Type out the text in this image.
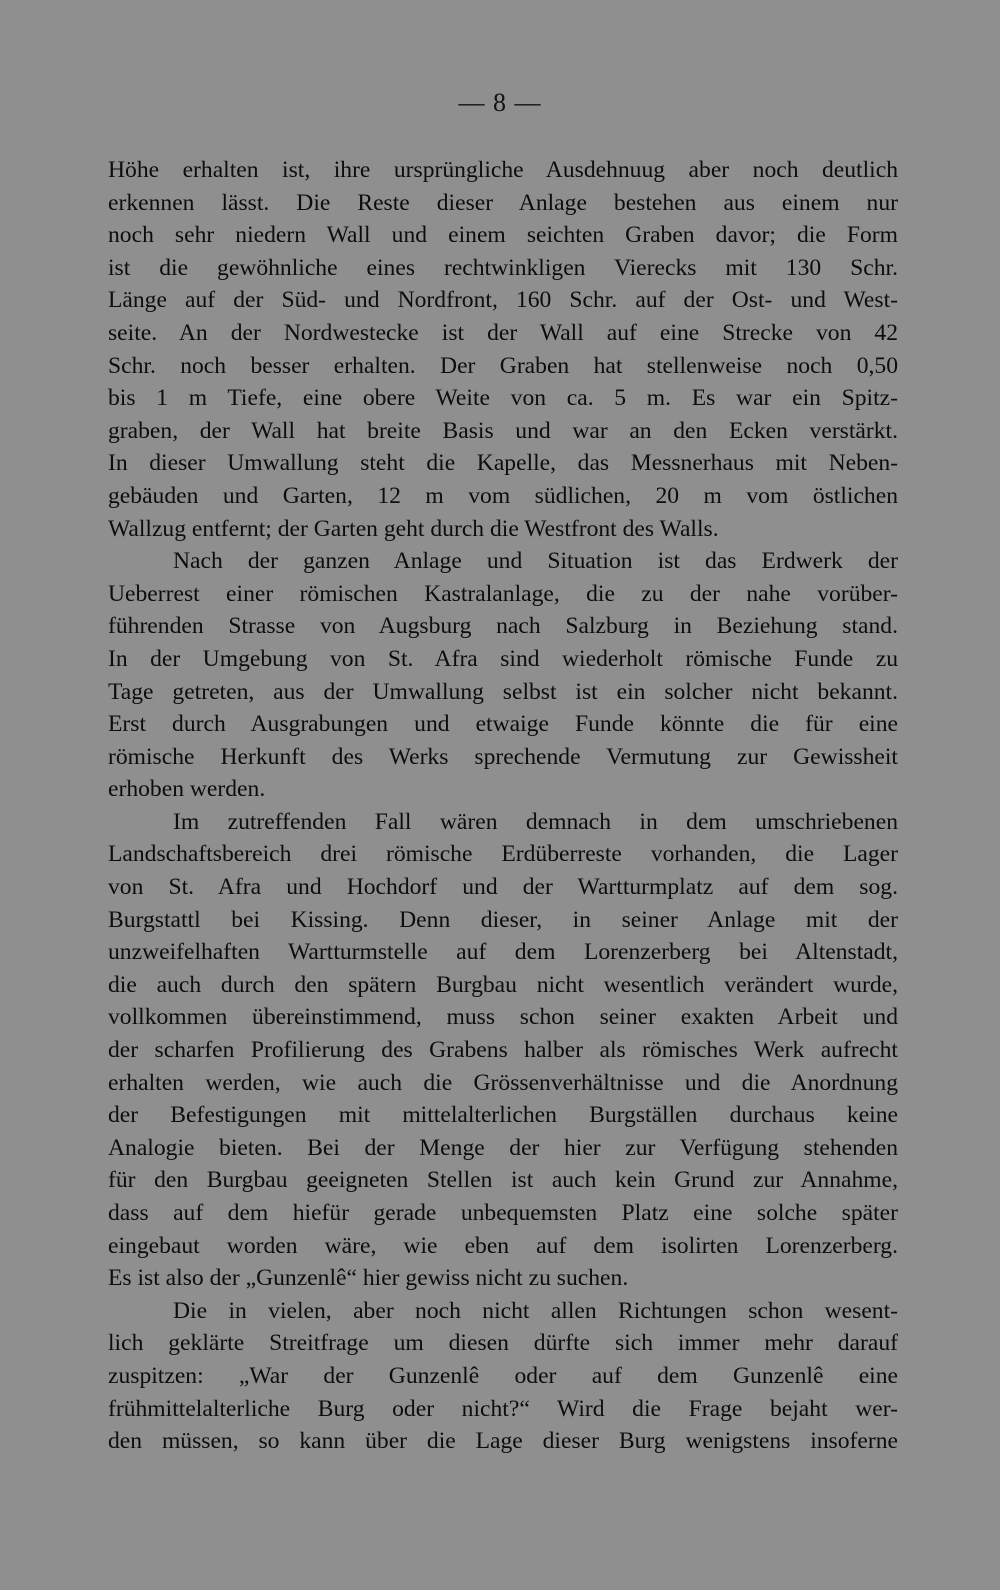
— 8 —
Höhe erhalten ist, ihre ursprüngliche Ausdehnuug aber noch deutlich
erkennen lässt. Die Reste dieser Anlage bestehen aus einem nur
noch sehr niedern Wall und einem seichten Graben davor; die Form
ist die gewöhnliche eines rechtwinkligen Vierecks mit 130 Schr.
Länge auf der Süd- und Nordfront, 160 Schr. auf der Ost- und West-
seite. An der Nordwestecke ist der Wall auf eine Strecke von 42
Schr. noch besser erhalten. Der Graben hat stellenweise noch 0,50
bis 1 m Tiefe, eine obere Weite von ca. 5 m. Es war ein Spitz-
graben, der Wall hat breite Basis und war an den Ecken verstärkt.
In dieser Umwallung steht die Kapelle, das Messnerhaus mit Neben-
gebäuden und Garten, 12 m vom südlichen, 20 m vom östlichen
Wallzug entfernt; der Garten geht durch die Westfront des Walls.
Nach der ganzen Anlage und Situation ist das Erdwerk der
Ueberrest einer römischen Kastralanlage, die zu der nahe vorüber-
führenden Strasse von Augsburg nach Salzburg in Beziehung stand.
In der Umgebung von St. Afra sind wiederholt römische Funde zu
Tage getreten, aus der Umwallung selbst ist ein solcher nicht bekannt.
Erst durch Ausgrabungen und etwaige Funde könnte die für eine
römische Herkunft des Werks sprechende Vermutung zur Gewissheit
erhoben werden.
Im zutreffenden Fall wären demnach in dem umschriebenen
Landschaftsbereich drei römische Erdüberreste vorhanden, die Lager
von St. Afra und Hochdorf und der Wartturmplatz auf dem sog.
Burgstattl bei Kissing. Denn dieser, in seiner Anlage mit der
unzweifelhaften Wartturmstelle auf dem Lorenzerberg bei Altenstadt,
die auch durch den spätern Burgbau nicht wesentlich verändert wurde,
vollkommen übereinstimmend, muss schon seiner exakten Arbeit und
der scharfen Profilierung des Grabens halber als römisches Werk aufrecht
erhalten werden, wie auch die Grössenverhältnisse und die Anordnung
der Befestigungen mit mittelalterlichen Burgställen durchaus keine
Analogie bieten. Bei der Menge der hier zur Verfügung stehenden
für den Burgbau geeigneten Stellen ist auch kein Grund zur Annahme,
dass auf dem hiefür gerade unbequemsten Platz eine solche später
eingebaut worden wäre, wie eben auf dem isolirten Lorenzerberg.
Es ist also der „Gunzenlê“ hier gewiss nicht zu suchen.
Die in vielen, aber noch nicht allen Richtungen schon wesent-
lich geklärte Streitfrage um diesen dürfte sich immer mehr darauf
zuspitzen: „War der Gunzenlê oder auf dem Gunzenlê eine
frühmittelalterliche Burg oder nicht?“ Wird die Frage bejaht wer-
den müssen, so kann über die Lage dieser Burg wenigstens insoferne
